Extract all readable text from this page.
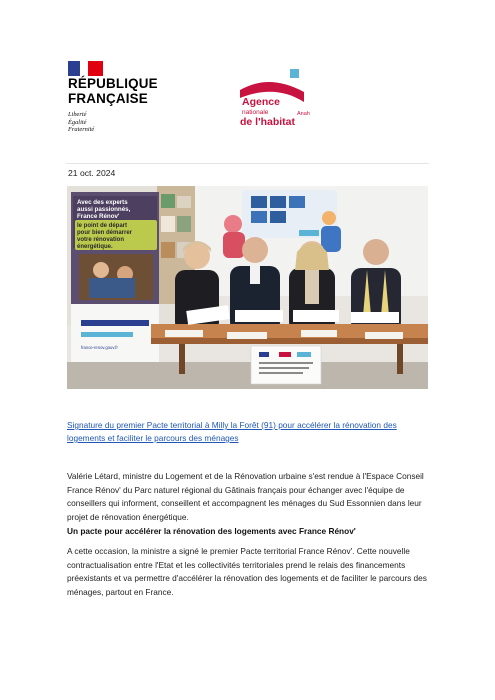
RÉPUBLIQUE
FRANÇAISE
Liberté
Égalité
Fraternité
Agence
nationale
de l'habitat
Anah
21 oct. 2024
Avec des experts
aussi passionnés,
France Rénov'
le point de départ
pour bien démarrer
votre rénovation
énergétique.
france-renov.gouv.fr
Signature du premier Pacte territorial à Milly la Forêt (91) pour accélérer la rénovation des logements et faciliter le parcours des ménages
Valérie Létard, ministre du Logement et de la Rénovation urbaine s'est rendue à l'Espace Conseil France Rénov' du Parc naturel régional du Gâtinais français pour échanger avec l'équipe de conseillers qui informent, conseillent et accompagnent les ménages du Sud Essonnien dans leur projet de rénovation énergétique.
Un pacte pour accélérer la rénovation des logements avec France Rénov'
A cette occasion, la ministre a signé le premier Pacte territorial France Rénov'. Cette nouvelle contractualisation entre l'Etat et les collectivités territoriales prend le relais des financements préexistants et va permettre d'accélérer la rénovation des logements et de faciliter le parcours des ménages, partout en France.
